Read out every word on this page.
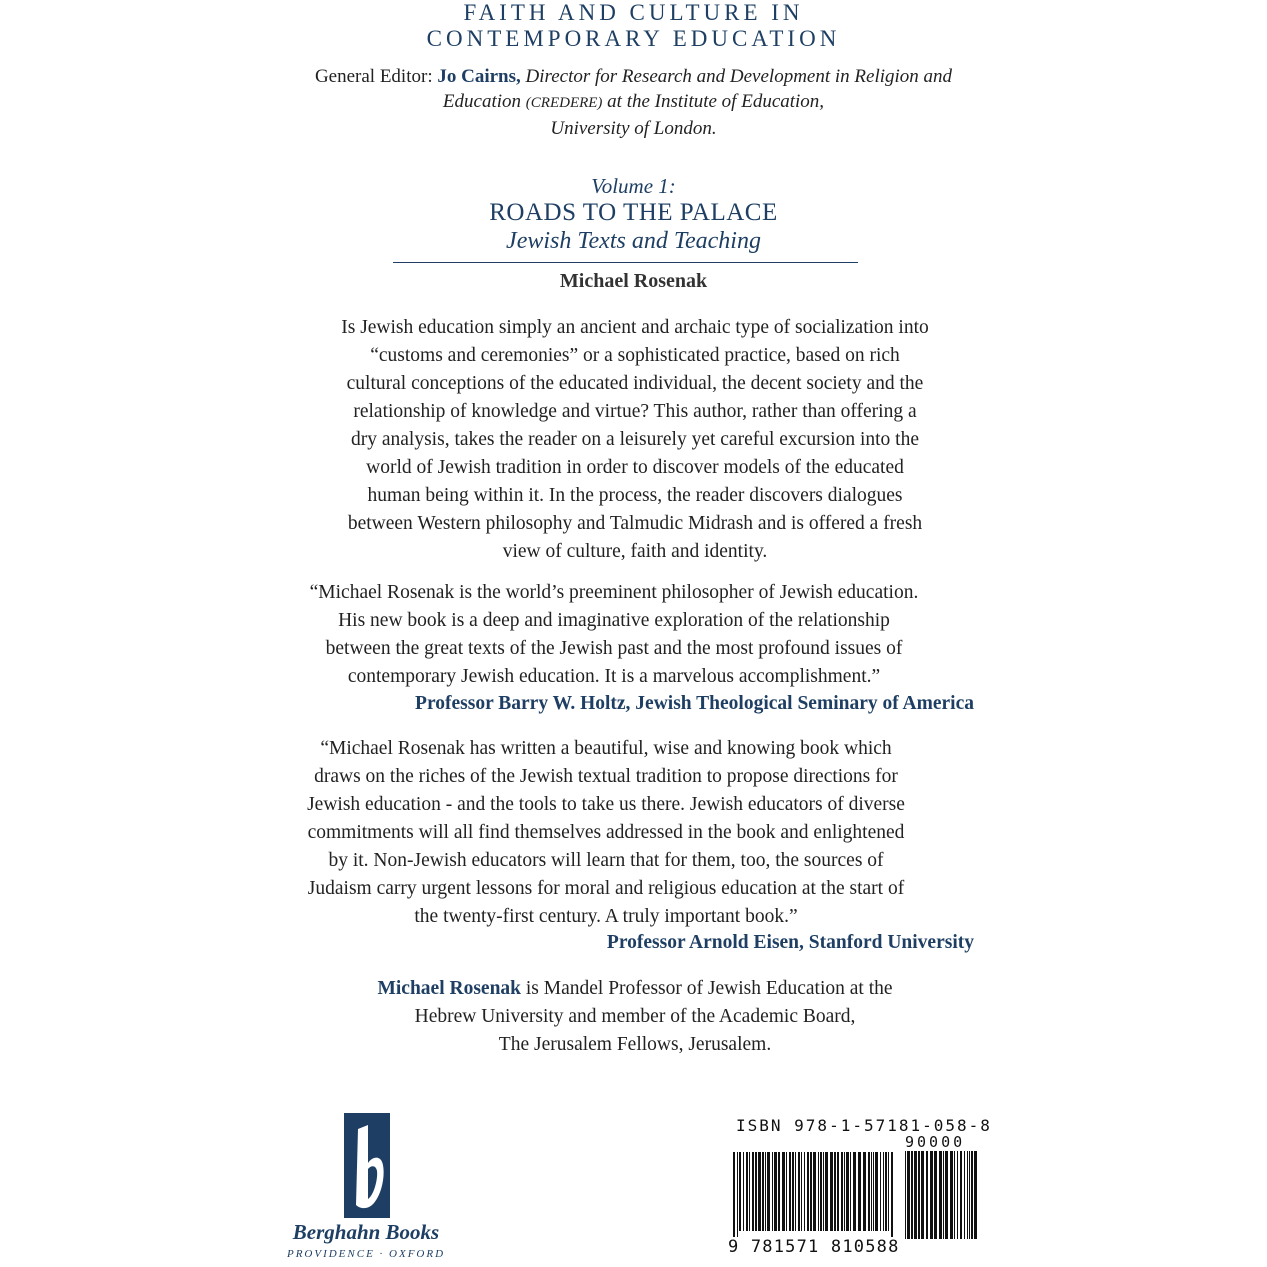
FAITH AND CULTURE IN
CONTEMPORARY EDUCATION
General Editor: Jo Cairns, Director for Research and Development in Religion and
Education (CREDERE) at the Institute of Education,
University of London.
Volume 1:
ROADS TO THE PALACE
Jewish Texts and Teaching
Michael Rosenak
Is Jewish education simply an ancient and archaic type of socialization into
“customs and ceremonies” or a sophisticated practice, based on rich
cultural conceptions of the educated individual, the decent society and the
relationship of knowledge and virtue? This author, rather than offering a
dry analysis, takes the reader on a leisurely yet careful excursion into the
world of Jewish tradition in order to discover models of the educated
human being within it. In the process, the reader discovers dialogues
between Western philosophy and Talmudic Midrash and is offered a fresh
view of culture, faith and identity.
“Michael Rosenak is the world’s preeminent philosopher of Jewish education.
His new book is a deep and imaginative exploration of the relationship
between the great texts of the Jewish past and the most profound issues of
contemporary Jewish education. It is a marvelous accomplishment.”
Professor Barry W. Holtz, Jewish Theological Seminary of America
“Michael Rosenak has written a beautiful, wise and knowing book which
draws on the riches of the Jewish textual tradition to propose directions for
Jewish education - and the tools to take us there. Jewish educators of diverse
commitments will all find themselves addressed in the book and enlightened
by it. Non-Jewish educators will learn that for them, too, the sources of
Judaism carry urgent lessons for moral and religious education at the start of
the twenty-first century. A truly important book.”
Professor Arnold Eisen, Stanford University
Michael Rosenak is Mandel Professor of Jewish Education at the
Hebrew University and member of the Academic Board,
The Jerusalem Fellows, Jerusalem.
Berghahn Books
PROVIDENCE · OXFORD
ISBN 978-1-57181-058-8
90000
9 781571 810588
